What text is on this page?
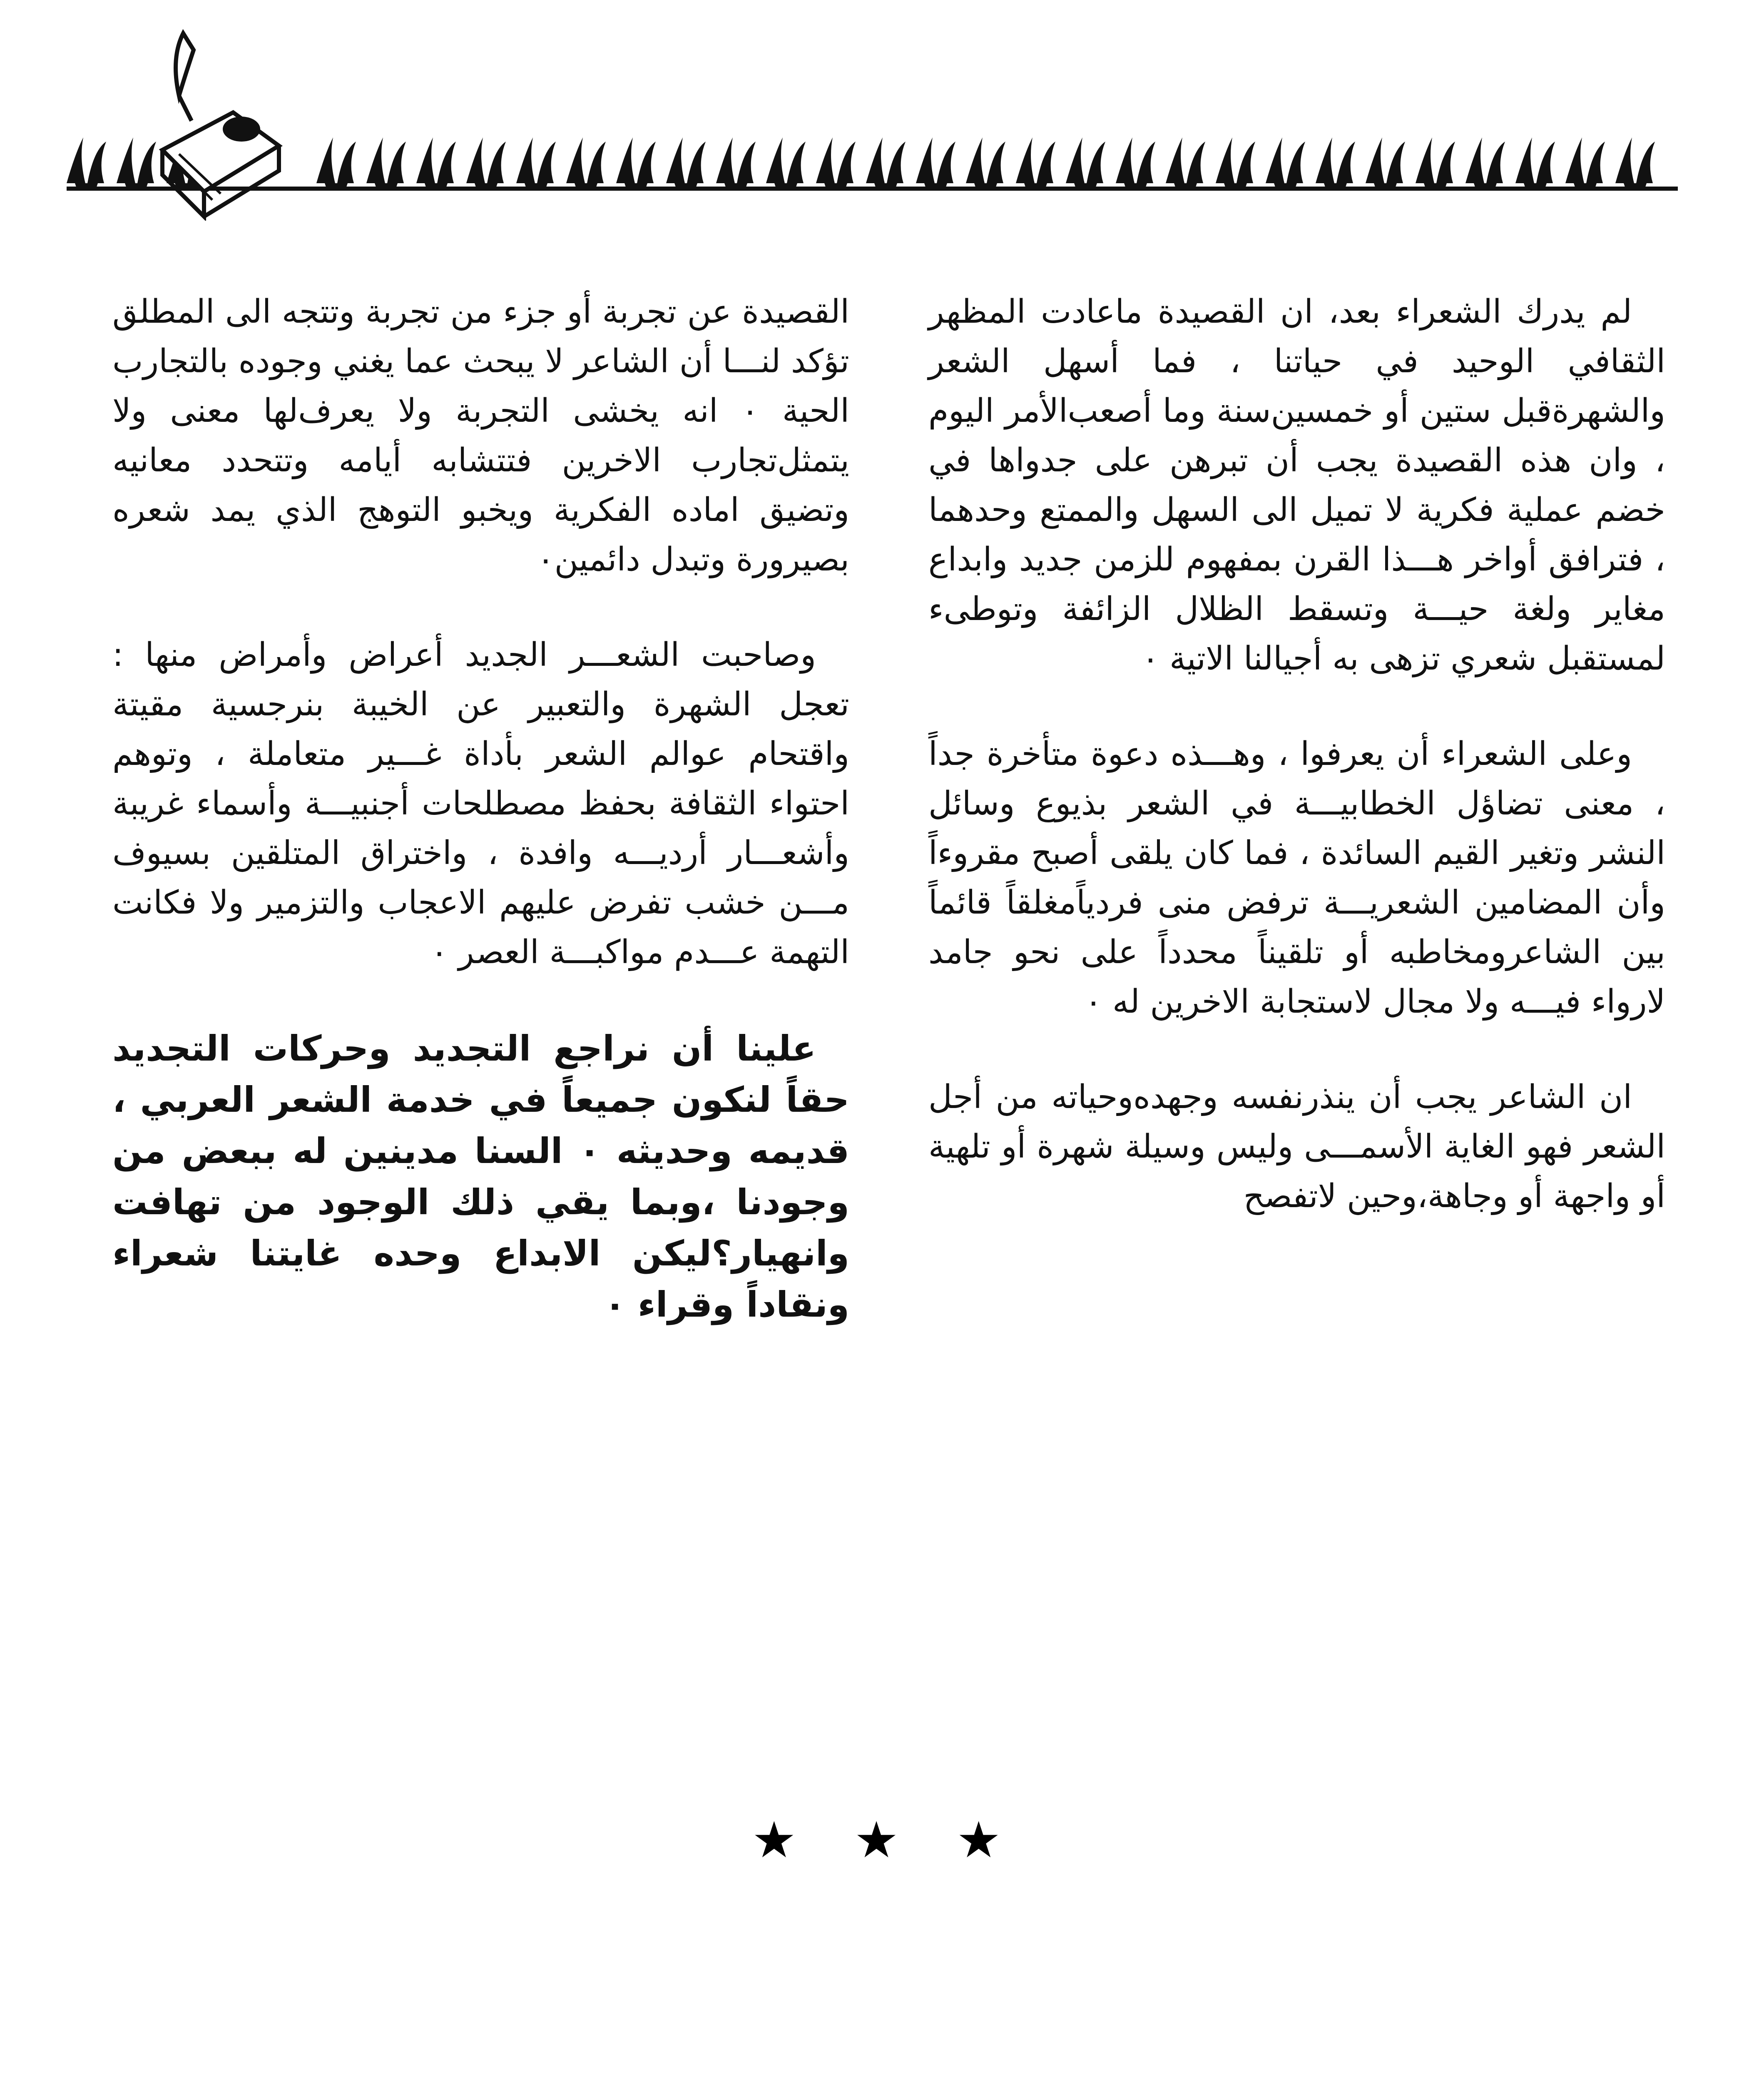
لم يدرك الشعراء بعد، ان القصيدة ماعادت المظهر الثقافي الوحيد في حياتنا ، فما أسهل الشعر والشهرةقبل ستين أو خمسين‌سنة وما أصعب‌الأمر اليوم ، وان هذه القصيدة يجب أن تبرهن على جدواها في خضم عملية فكرية لا تميل الى السهل والممتع وحدهما ، فترافق أواخر هـــذا القرن بمفهوم للزمن جديد وابداع مغاير ولغة حيـــة وتسقط الظلال الزائفة وتوطىء لمستقبل شعري تزهى به أجيالنا الاتية ٠

وعلى الشعراء أن يعرفوا ، وهـــذه دعوة متأخرة جداً ، معنى تضاؤل الخطابيـــة في الشعر بذيوع وسائل النشر وتغير القيم السائدة ، فما كان يلقى أصبح مقروءاً وأن المضامين الشعريـــة ترفض منى فردياًمغلقاً قائماً بين الشاعرومخاطبه أو تلقيناً محدداً على نحو جامد لارواء فيـــه ولا مجال لاستجابة الاخرين له ٠

ان الشاعر يجب أن ينذرنفسه وجهده‌وحياته من أجل الشعر فهو الغاية الأسمـــى وليس وسيلة شهرة أو تلهية أو واجهة أو وجاهة،وحين لاتفصح

القصيدة عن تجربة أو جزء من تجربة وتتجه الى المطلق تؤكد لنـــا أن الشاعر لا يبحث عما يغني وجوده بالتجارب الحية ٠ انه يخشى التجربة ولا يعرف‌لها معنى ولا يتمثل‌تجارب الاخرين فتتشابه أيامه وتتحدد معانيه وتضيق اماده الفكرية ويخبو التوهج الذي يمد شعره بصيرورة وتبدل دائمين٠

وصاحبت الشعـــر الجديد أعراض وأمراض منها : تعجل الشهرة والتعبير عن الخيبة بنرجسية مقيتة واقتحام عوالم الشعر بأداة غـــير متعاملة ، وتوهم احتواء الثقافة بحفظ مصطلحات أجنبيـــة وأسماء غريبة وأشعـــار أرديـــه وافدة ، واختراق المتلقين بسيوف مـــن خشب تفرض عليهم الاعجاب والتزمير ولا فكانت التهمة عـــدم مواكبـــة العصر ٠

علينا أن نراجع التجديد وحركات التجديد حقاً لنكون جميعاً في خدمة الشعر العربي ، قديمه وحديثه ٠ السنا مدينين له ببعض من وجودنا ،وبما يقي ذلك الوجود من تهافت وانهيار؟ليكن الابداع وحده غايتنا شعراء ونقاداً وقراء ٠

★ ★ ★
